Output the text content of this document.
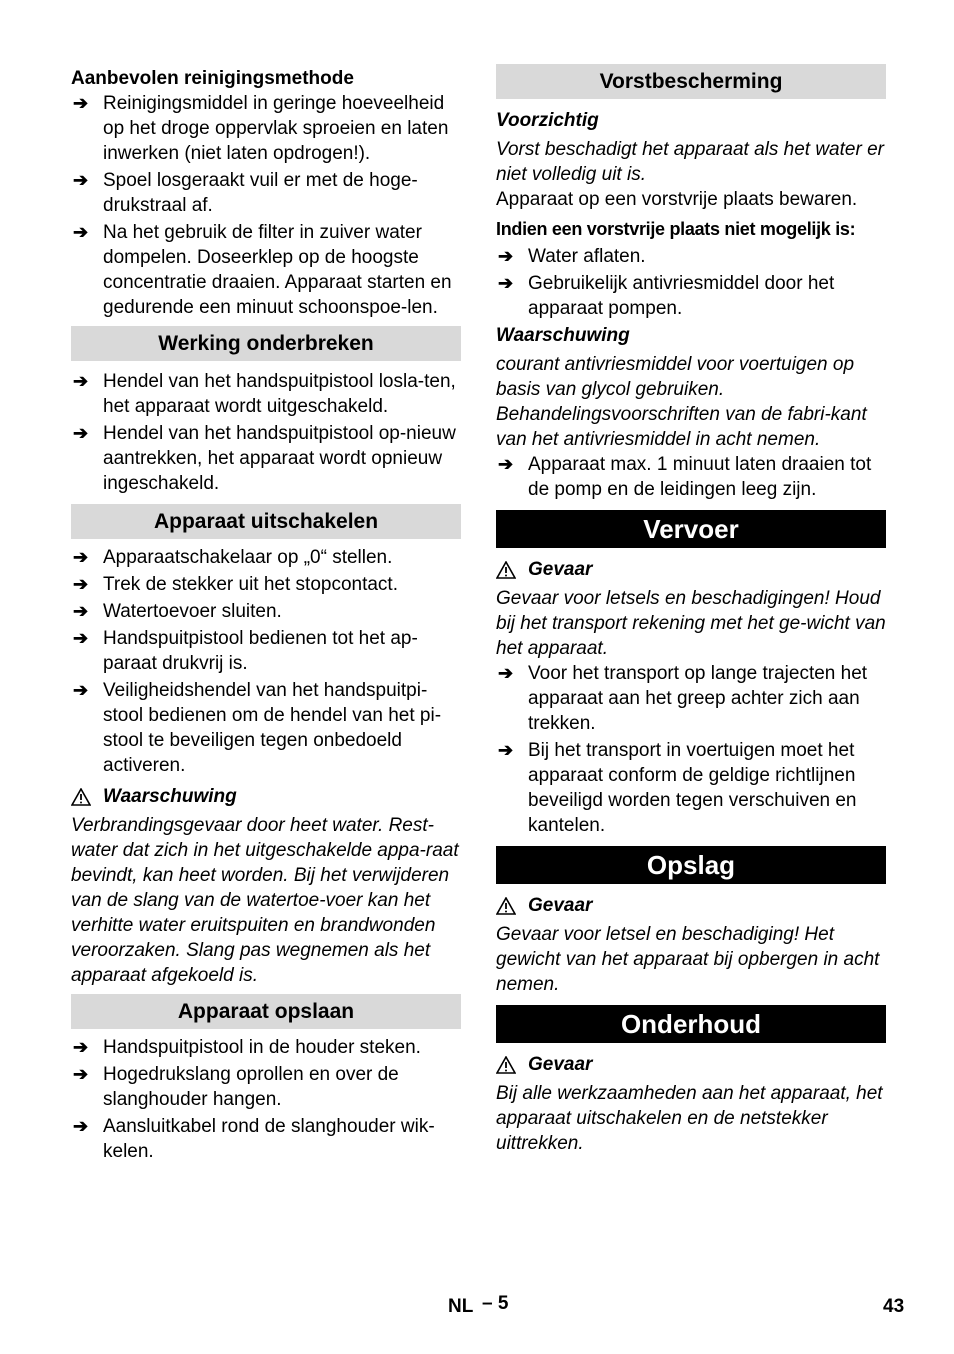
Aanbevolen reinigingsmethode
➔ Reinigingsmiddel in geringe hoeveelheid op het droge oppervlak sproeien en laten inwerken (niet laten opdrogen!).
➔ Spoel losgeraakt vuil er met de hoge-drukstraal af.
➔ Na het gebruik de filter in zuiver water dompelen. Doseerklep op de hoogste concentratie draaien. Apparaat starten en gedurende een minuut schoonspoe-len.
Werking onderbreken
➔ Hendel van het handspuitpistool losla-ten, het apparaat wordt uitgeschakeld.
➔ Hendel van het handspuitpistool op-nieuw aantrekken, het apparaat wordt opnieuw ingeschakeld.
Apparaat uitschakelen
➔ Apparaatschakelaar op „0“ stellen.
➔ Trek de stekker uit het stopcontact.
➔ Watertoevoer sluiten.
➔ Handspuitpistool bedienen tot het ap-paraat drukvrij is.
➔ Veiligheidshendel van het handspuitpi-stool bedienen om de hendel van het pi-stool te beveiligen tegen onbedoeld activeren.
Waarschuwing
Verbrandingsgevaar door heet water. Rest-water dat zich in het uitgeschakelde appa-raat bevindt, kan heet worden. Bij het verwijderen van de slang van de watertoe-voer kan het verhitte water eruitspuiten en brandwonden veroorzaken. Slang pas wegnemen als het apparaat afgekoeld is.
Apparaat opslaan
➔ Handspuitpistool in de houder steken.
➔ Hogedrukslang oprollen en over de slanghouder hangen.
➔ Aansluitkabel rond de slanghouder wik-kelen.
Vorstbescherming
Voorzichtig
Vorst beschadigt het apparaat als het water er niet volledig uit is.
Apparaat op een vorstvrije plaats bewaren.
Indien een vorstvrije plaats niet mogelijk is:
➔ Water aflaten.
➔ Gebruikelijk antivriesmiddel door het apparaat pompen.
Waarschuwing
courant antivriesmiddel voor voertuigen op basis van glycol gebruiken. Behandelingsvoorschriften van de fabri-kant van het antivriesmiddel in acht nemen.
➔ Apparaat max. 1 minuut laten draaien tot de pomp en de leidingen leeg zijn.
Vervoer
Gevaar
Gevaar voor letsels en beschadigingen! Houd bij het transport rekening met het ge-wicht van het apparaat.
➔ Voor het transport op lange trajecten het apparaat aan het greep achter zich aan trekken.
➔ Bij het transport in voertuigen moet het apparaat conform de geldige richtlijnen beveiligd worden tegen verschuiven en kantelen.
Opslag
Gevaar
Gevaar voor letsel en beschadiging! Het gewicht van het apparaat bij opbergen in acht nemen.
Onderhoud
Gevaar
Bij alle werkzaamheden aan het apparaat, het apparaat uitschakelen en de netstekker uittrekken.
NL – 5	43
